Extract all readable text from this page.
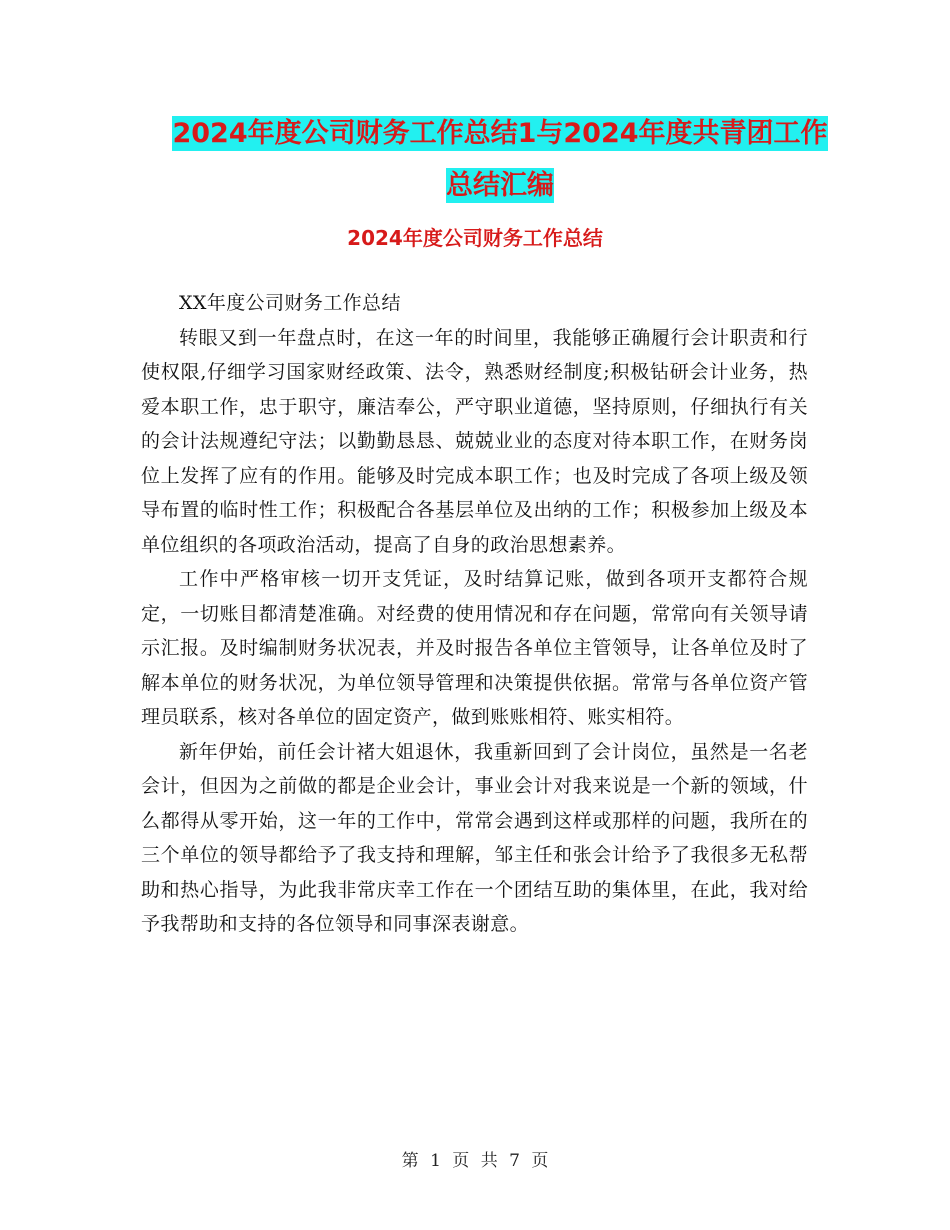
2024年度公司财务工作总结1与2024年度共青团工作
总结汇编
2024年度公司财务工作总结

XX年度公司财务工作总结

转眼又到一年盘点时，在这一年的时间里，我能够正确履行会计职责和行使权限,仔细学习国家财经政策、法令，熟悉财经制度;积极钻研会计业务，热爱本职工作，忠于职守，廉洁奉公，严守职业道德，坚持原则，仔细执行有关的会计法规遵纪守法；以勤勤恳恳、兢兢业业的态度对待本职工作，在财务岗位上发挥了应有的作用。能够及时完成本职工作；也及时完成了各项上级及领导布置的临时性工作；积极配合各基层单位及出纳的工作；积极参加上级及本单位组织的各项政治活动，提高了自身的政治思想素养。

工作中严格审核一切开支凭证，及时结算记账，做到各项开支都符合规定，一切账目都清楚准确。对经费的使用情况和存在问题，常常向有关领导请示汇报。及时编制财务状况表，并及时报告各单位主管领导，让各单位及时了解本单位的财务状况，为单位领导管理和决策提供依据。常常与各单位资产管理员联系，核对各单位的固定资产，做到账账相符、账实相符。

新年伊始，前任会计褚大姐退休，我重新回到了会计岗位，虽然是一名老会计，但因为之前做的都是企业会计，事业会计对我来说是一个新的领域，什么都得从零开始，这一年的工作中，常常会遇到这样或那样的问题，我所在的三个单位的领导都给予了我支持和理解，邹主任和张会计给予了我很多无私帮助和热心指导，为此我非常庆幸工作在一个团结互助的集体里，在此，我对给予我帮助和支持的各位领导和同事深表谢意。

第 1 页 共 7 页
